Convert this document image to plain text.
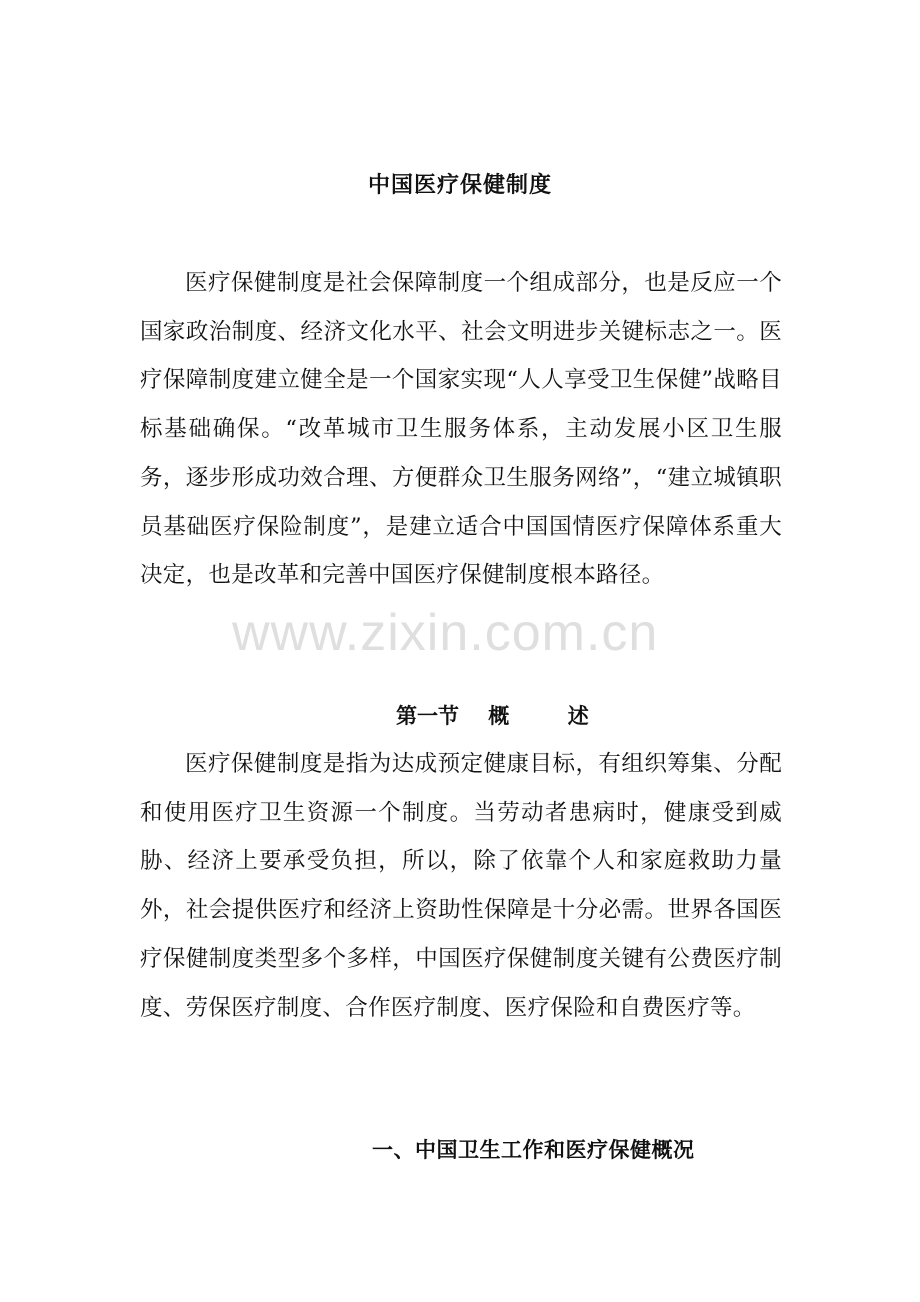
中国医疗保健制度

医疗保健制度是社会保障制度一个组成部分，也是反应一个国家政治制度、经济文化水平、社会文明进步关键标志之一。医疗保障制度建立健全是一个国家实现“人人享受卫生保健”战略目标基础确保。“改革城市卫生服务体系，主动发展小区卫生服务，逐步形成功效合理、方便群众卫生服务网络”，“建立城镇职员基础医疗保险制度”，是建立适合中国国情医疗保障体系重大决定，也是改革和完善中国医疗保健制度根本路径。

www.zixin.com.cn
第一节    概        述

医疗保健制度是指为达成预定健康目标，有组织筹集、分配和使用医疗卫生资源一个制度。当劳动者患病时，健康受到威胁、经济上要承受负担，所以，除了依靠个人和家庭救助力量外，社会提供医疗和经济上资助性保障是十分必需。世界各国医疗保健制度类型多个多样，中国医疗保健制度关键有公费医疗制度、劳保医疗制度、合作医疗制度、医疗保险和自费医疗等。

一、中国卫生工作和医疗保健概况
